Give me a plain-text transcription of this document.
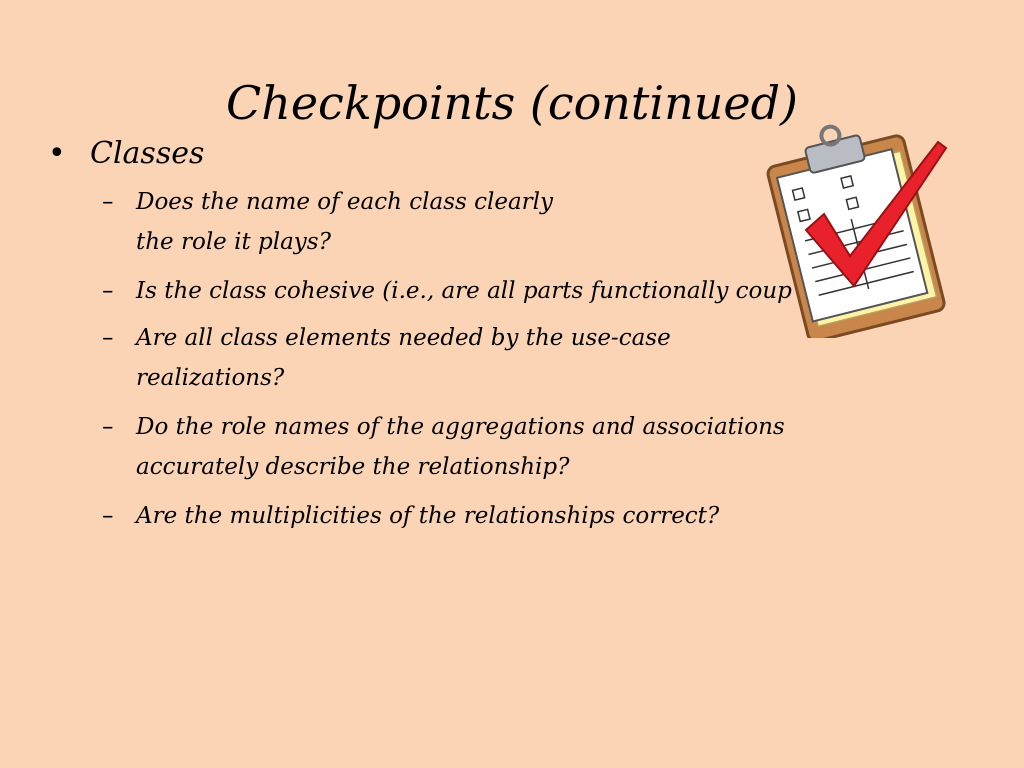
Checkpoints (continued)
• Classes
– Does the name of each class clearly
the role it plays?
– Is the class cohesive (i.e., are all parts functionally coup
– Are all class elements needed by the use-case
realizations?
– Do the role names of the aggregations and associations
accurately describe the relationship?
– Are the multiplicities of the relationships correct?
